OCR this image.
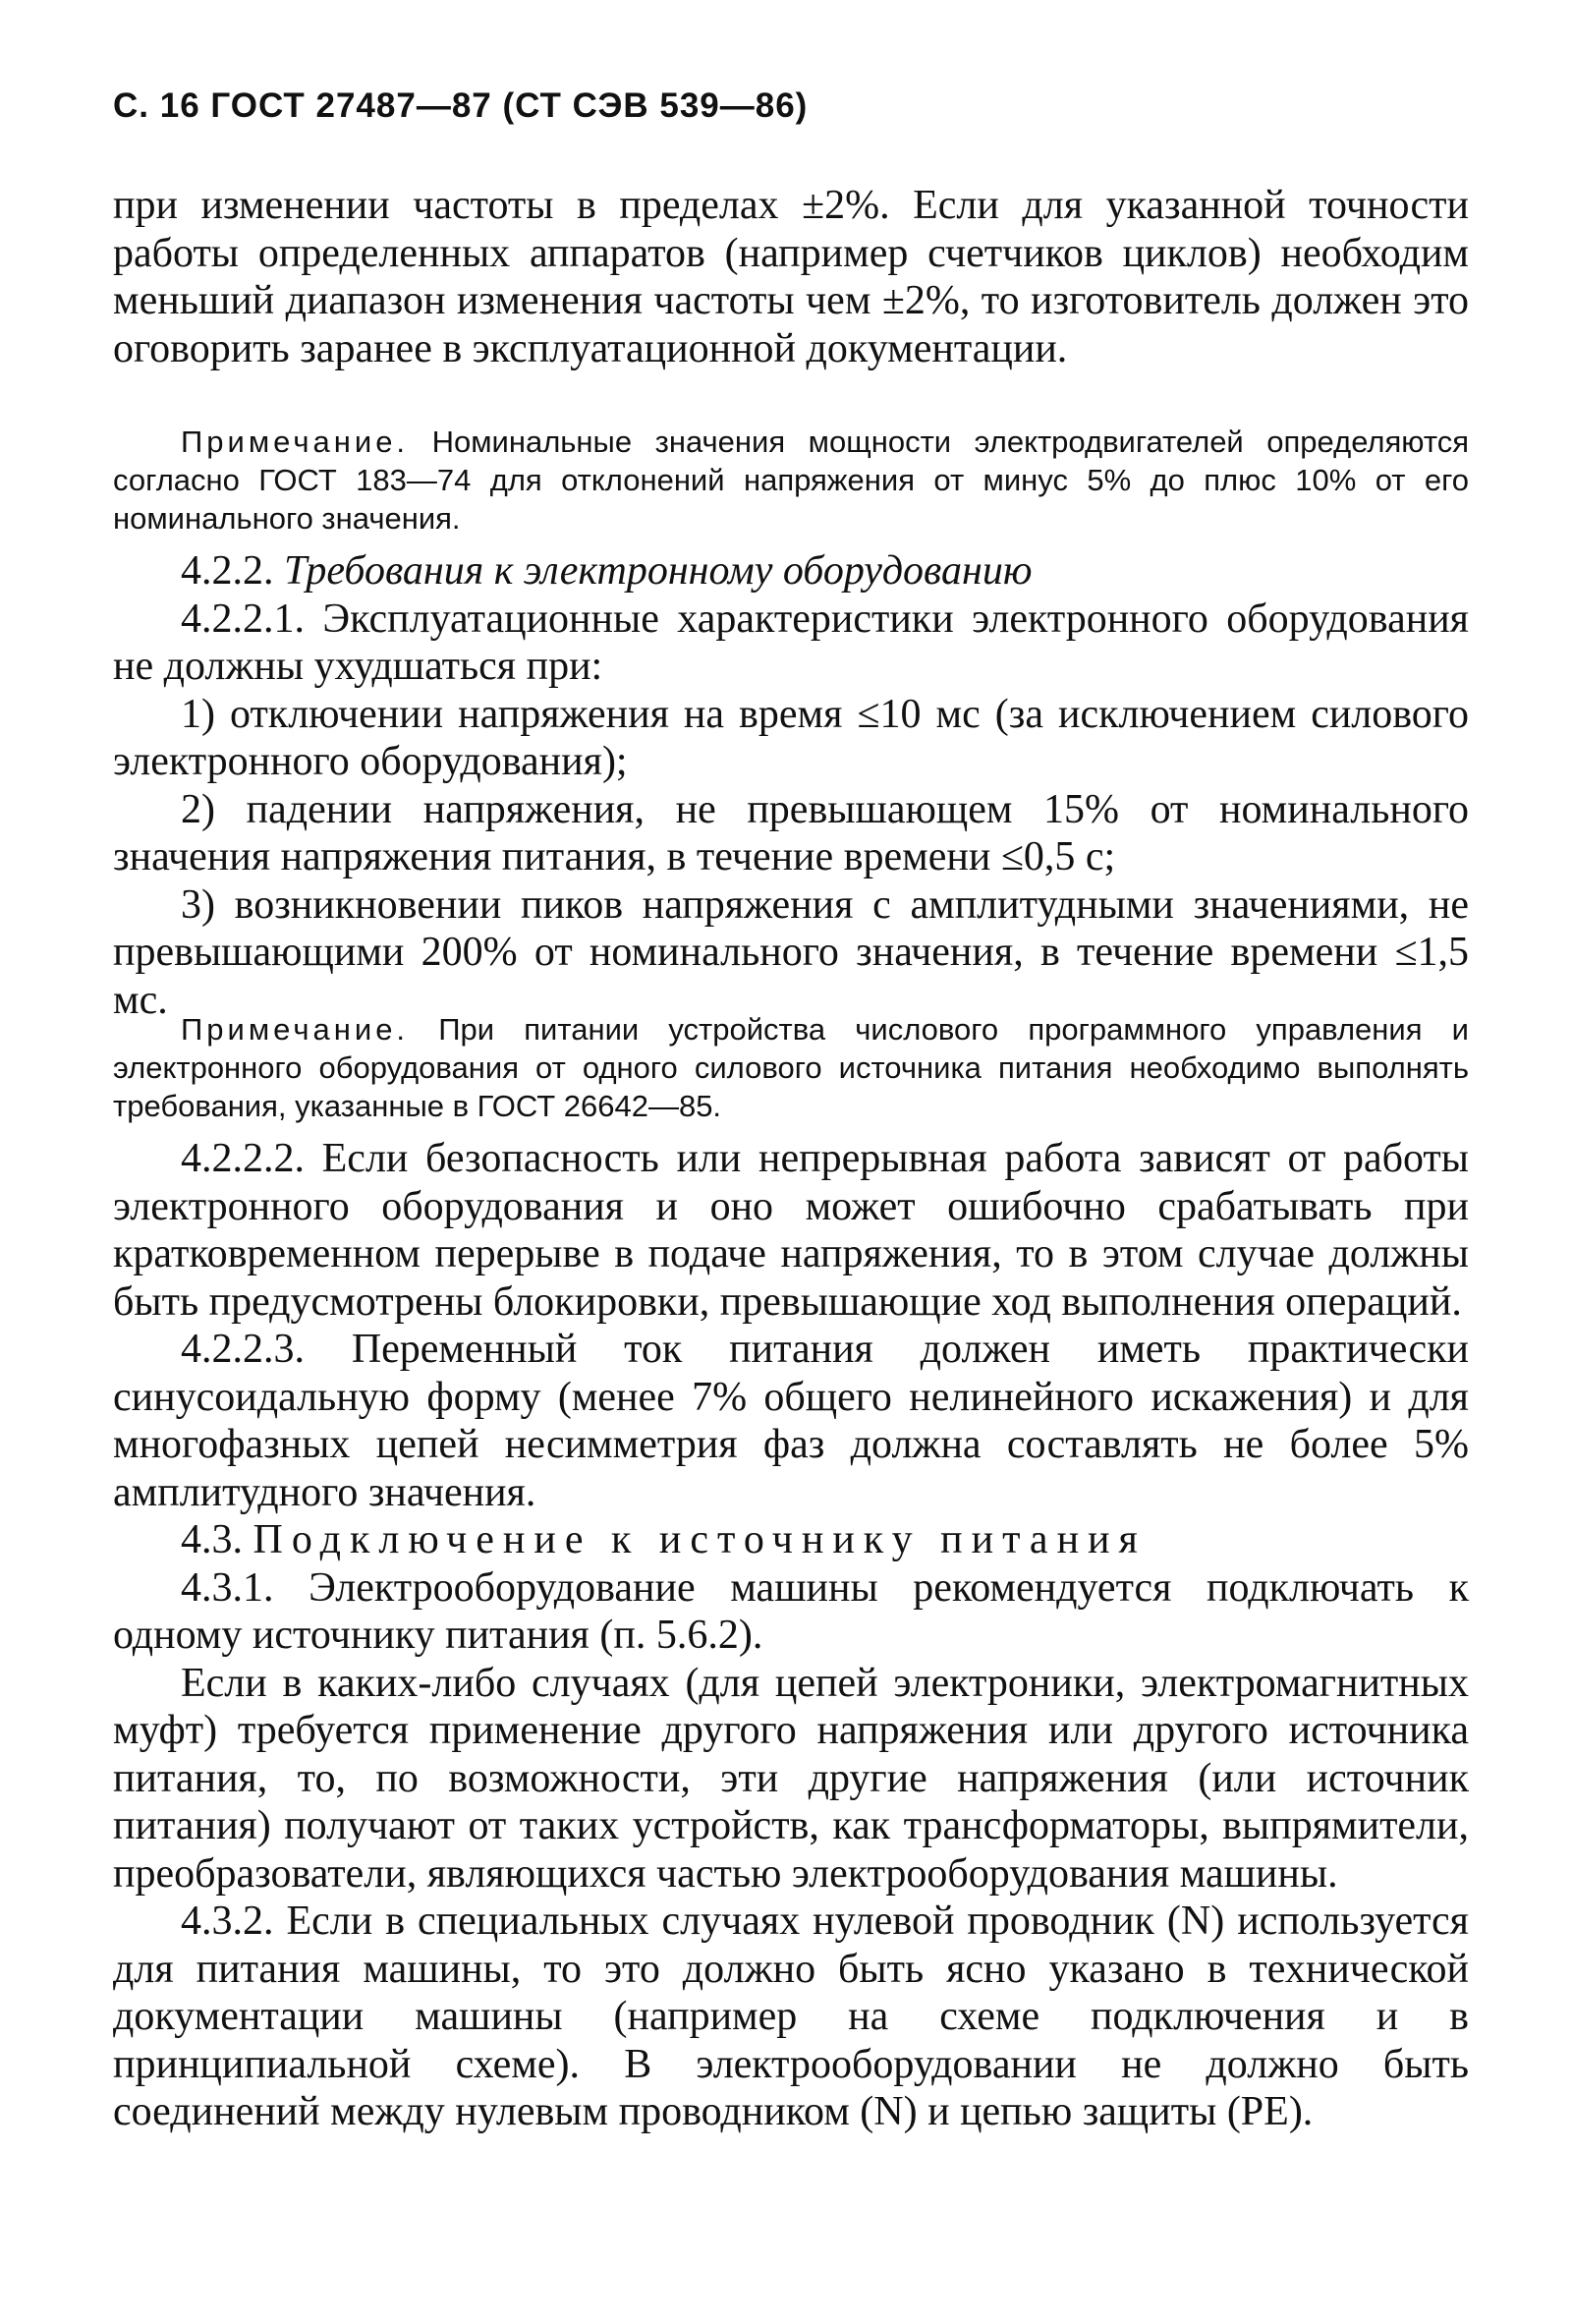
С. 16 ГОСТ 27487—87 (СТ СЭВ 539—86)

при изменении частоты в пределах ±2%. Если для указанной точности работы определенных аппаратов (например счетчиков циклов) необходим меньший диапазон изменения частоты чем ±2%, то изготовитель должен это оговорить заранее в эксплуатационной документации.

Примечание. Номинальные значения мощности электродвигателей определяются согласно ГОСТ 183—74 для отклонений напряжения от минус 5% до плюс 10% от его номинального значения.

4.2.2. Требования к электронному оборудованию

4.2.2.1. Эксплуатационные характеристики электронного оборудования не должны ухудшаться при:

1) отключении напряжения на время ≤10 мс (за исключением силового электронного оборудования);

2) падении напряжения, не превышающем 15% от номинального значения напряжения питания, в течение времени ≤0,5 с;

3) возникновении пиков напряжения с амплитудными значениями, не превышающими 200% от номинального значения, в течение времени ≤1,5 мс.

Примечание. При питании устройства числового программного управления и электронного оборудования от одного силового источника питания необходимо выполнять требования, указанные в ГОСТ 26642—85.

4.2.2.2. Если безопасность или непрерывная работа зависят от работы электронного оборудования и оно может ошибочно срабатывать при кратковременном перерыве в подаче напряжения, то в этом случае должны быть предусмотрены блокировки, превышающие ход выполнения операций.

4.2.2.3. Переменный ток питания должен иметь практически синусоидальную форму (менее 7% общего нелинейного искажения) и для многофазных цепей несимметрия фаз должна составлять не более 5% амплитудного значения.

4.3. Подключение к источнику питания

4.3.1. Электрооборудование машины рекомендуется подключать к одному источнику питания (п. 5.6.2).

Если в каких-либо случаях (для цепей электроники, электромагнитных муфт) требуется применение другого напряжения или другого источника питания, то, по возможности, эти другие напряжения (или источник питания) получают от таких устройств, как трансформаторы, выпрямители, преобразователи, являющихся частью электрооборудования машины.

4.3.2. Если в специальных случаях нулевой проводник (N) используется для питания машины, то это должно быть ясно указано в технической документации машины (например на схеме подключения и в принципиальной схеме). В электрооборудовании не должно быть соединений между нулевым проводником (N) и цепью защиты (PE).
